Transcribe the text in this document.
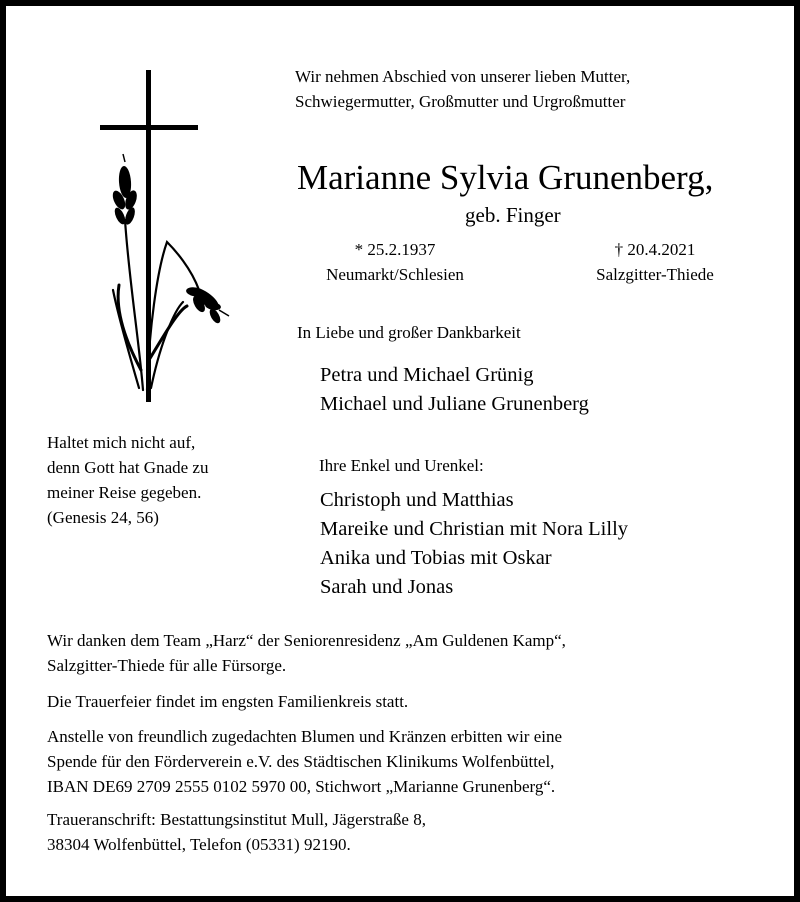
Wir nehmen Abschied von unserer lieben Mutter,
Schwiegermutter, Großmutter und Urgroßmutter
Marianne Sylvia Grunenberg,
geb. Finger
* 25.2.1937
Neumarkt/Schlesien
† 20.4.2021
Salzgitter-Thiede
In Liebe und großer Dankbarkeit
Petra und Michael Grünig
Michael und Juliane Grunenberg
Ihre Enkel und Urenkel:
Christoph und Matthias
Mareike und Christian mit Nora Lilly
Anika und Tobias mit Oskar
Sarah und Jonas
Haltet mich nicht auf,
denn Gott hat Gnade zu
meiner Reise gegeben.
(Genesis 24, 56)
Wir danken dem Team „Harz“ der Seniorenresidenz „Am Guldenen Kamp“,
Salzgitter-Thiede für alle Fürsorge.
Die Trauerfeier findet im engsten Familienkreis statt.
Anstelle von freundlich zugedachten Blumen und Kränzen erbitten wir eine
Spende für den Förderverein e.V. des Städtischen Klinikums Wolfenbüttel,
IBAN DE69 2709 2555 0102 5970 00, Stichwort „Marianne Grunenberg“.
Traueranschrift: Bestattungsinstitut Mull, Jägerstraße 8,
38304 Wolfenbüttel, Telefon (05331) 92190.
